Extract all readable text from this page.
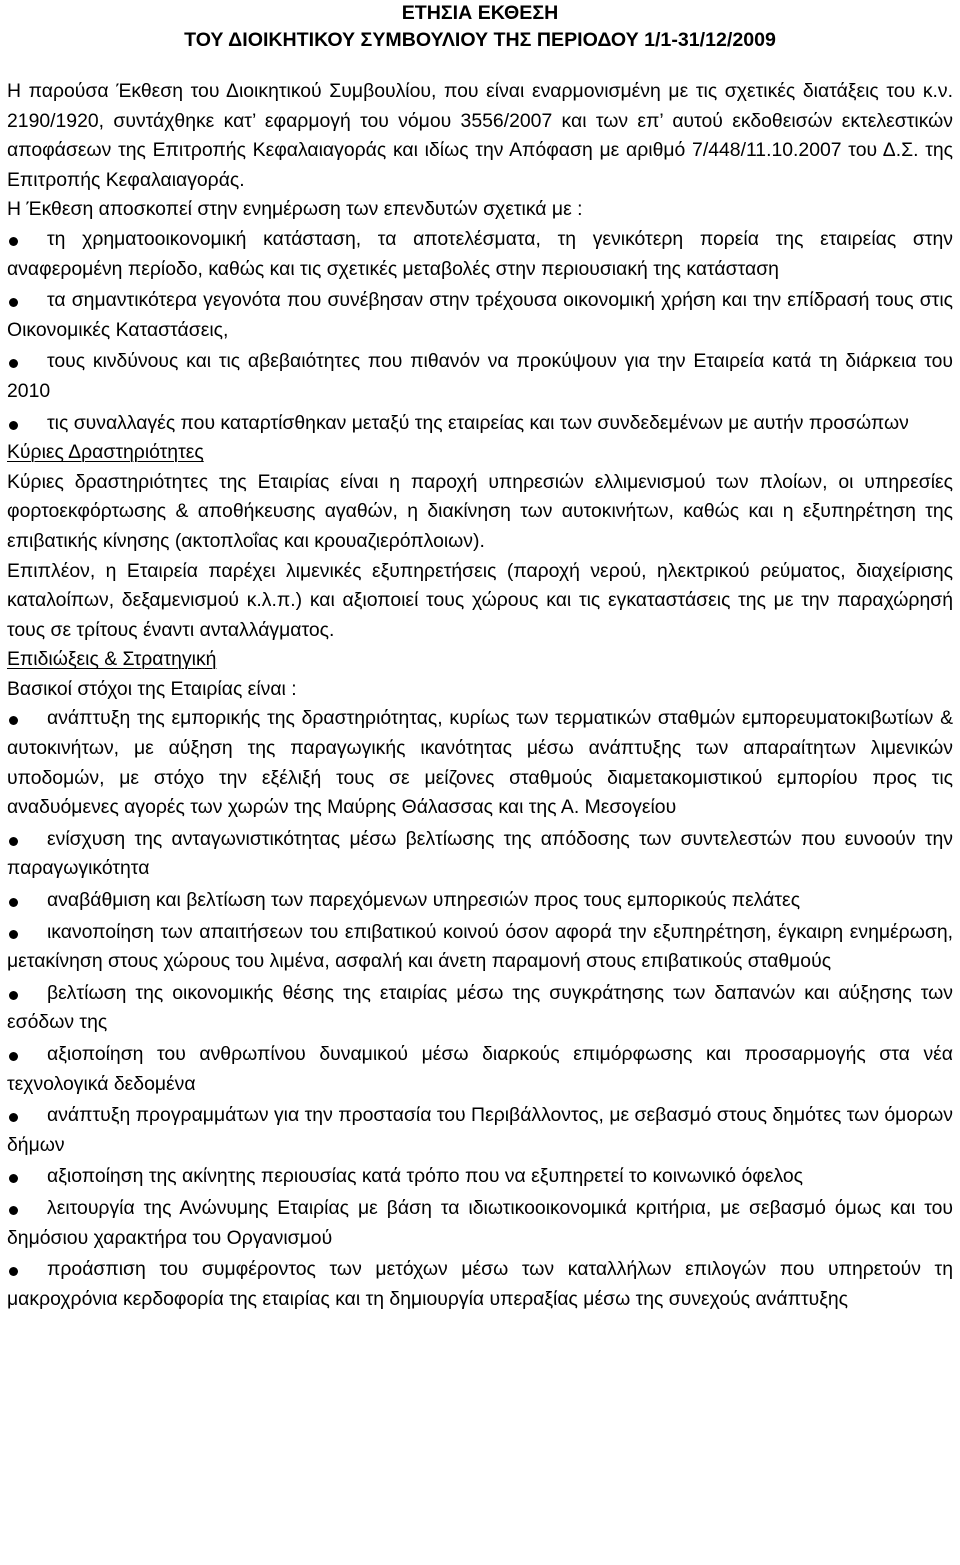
ΕΤΗΣΙΑ ΕΚΘΕΣΗ
ΤΟΥ ΔΙΟΙΚΗΤΙΚΟΥ ΣΥΜΒΟΥΛΙΟΥ ΤΗΣ ΠΕΡΙΟΔΟΥ 1/1-31/12/2009

Η παρούσα Έκθεση του Διοικητικού Συμβουλίου, που είναι εναρμονισμένη με τις σχετικές διατάξεις του κ.ν. 2190/1920, συντάχθηκε κατ’ εφαρμογή του νόμου 3556/2007 και των επ’ αυτού εκδοθεισών εκτελεστικών αποφάσεων της Επιτροπής Κεφαλαιαγοράς και ιδίως την Απόφαση με αριθμό 7/448/11.10.2007 του Δ.Σ. της Επιτροπής Κεφαλαιαγοράς.

Η Έκθεση αποσκοπεί στην ενημέρωση των επενδυτών σχετικά με :

τη χρηματοοικονομική κατάσταση, τα αποτελέσματα, τη γενικότερη πορεία της εταιρείας στην αναφερομένη περίοδο, καθώς και τις σχετικές μεταβολές στην περιουσιακή της κατάσταση
τα σημαντικότερα γεγονότα που συνέβησαν στην τρέχουσα οικονομική χρήση και την επίδρασή τους στις Οικονομικές Καταστάσεις,
τους κινδύνους και τις αβεβαιότητες που πιθανόν να προκύψουν για την Εταιρεία κατά τη διάρκεια του 2010
τις συναλλαγές που καταρτίσθηκαν μεταξύ της εταιρείας και των συνδεδεμένων με αυτήν προσώπων

Κύριες Δραστηριότητες

Κύριες δραστηριότητες της Εταιρίας είναι η παροχή υπηρεσιών ελλιμενισμού των πλοίων, οι υπηρεσίες φορτοεκφόρτωσης & αποθήκευσης αγαθών, η διακίνηση των αυτοκινήτων, καθώς και η εξυπηρέτηση της επιβατικής κίνησης (ακτοπλοΐας και κρουαζιερόπλοιων).

Επιπλέον, η Εταιρεία παρέχει λιμενικές εξυπηρετήσεις (παροχή νερού, ηλεκτρικού ρεύματος, διαχείρισης καταλοίπων, δεξαμενισμού κ.λ.π.) και αξιοποιεί τους χώρους και τις εγκαταστάσεις της με την παραχώρησή τους σε τρίτους έναντι ανταλλάγματος.

Επιδιώξεις & Στρατηγική

Βασικοί στόχοι της Εταιρίας είναι :

ανάπτυξη της εμπορικής της δραστηριότητας, κυρίως των τερματικών σταθμών εμπορευματοκιβωτίων & αυτοκινήτων, με αύξηση της παραγωγικής ικανότητας μέσω ανάπτυξης των απαραίτητων λιμενικών υποδομών, με στόχο την εξέλιξή τους σε μείζονες σταθμούς διαμετακομιστικού εμπορίου προς τις αναδυόμενες αγορές των χωρών της Μαύρης Θάλασσας και της Α. Μεσογείου
ενίσχυση της ανταγωνιστικότητας μέσω βελτίωσης της απόδοσης των συντελεστών που ευνοούν την παραγωγικότητα
αναβάθμιση και βελτίωση των παρεχόμενων υπηρεσιών προς τους εμπορικούς πελάτες
ικανοποίηση των απαιτήσεων του επιβατικού κοινού όσον αφορά την εξυπηρέτηση, έγκαιρη ενημέρωση, μετακίνηση στους χώρους του λιμένα, ασφαλή και άνετη παραμονή στους επιβατικούς σταθμούς
βελτίωση της οικονομικής θέσης της εταιρίας μέσω της συγκράτησης των δαπανών και αύξησης των εσόδων της
αξιοποίηση του ανθρωπίνου δυναμικού μέσω διαρκούς επιμόρφωσης και προσαρμογής στα νέα τεχνολογικά δεδομένα
ανάπτυξη προγραμμάτων για την προστασία του Περιβάλλοντος, με σεβασμό στους δημότες των όμορων δήμων
αξιοποίηση της ακίνητης περιουσίας κατά τρόπο που να εξυπηρετεί το κοινωνικό όφελος
λειτουργία της Ανώνυμης Εταιρίας με βάση τα ιδιωτικοοικονομικά κριτήρια, με σεβασμό όμως και του δημόσιου χαρακτήρα του Οργανισμού
προάσπιση του συμφέροντος των μετόχων μέσω των καταλλήλων επιλογών που υπηρετούν τη μακροχρόνια κερδοφορία της εταιρίας και τη δημιουργία υπεραξίας μέσω της συνεχούς ανάπτυξης
